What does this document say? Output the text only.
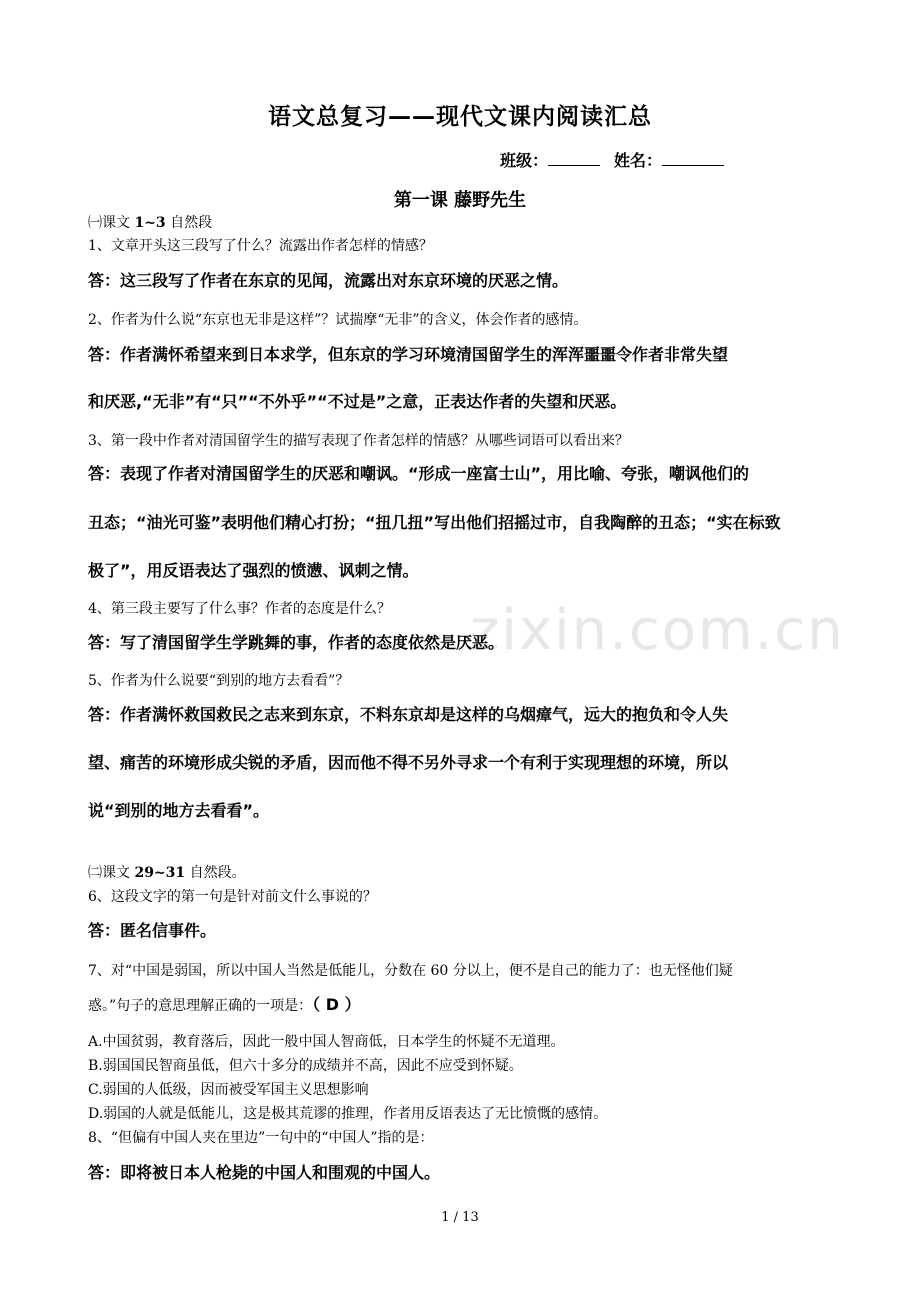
zixin.com.cn
语文总复习——现代文课内阅读汇总
班级：	姓名：
第一课 藤野先生
㈠课文 1~3 自然段
1、文章开头这三段写了什么？流露出作者怎样的情感？
答：这三段写了作者在东京的见闻，流露出对东京环境的厌恶之情。
2、作者为什么说“东京也无非是这样”？试揣摩“无非”的含义，体会作者的感情。
答：作者满怀希望来到日本求学，但东京的学习环境清国留学生的浑浑噩噩令作者非常失望
和厌恶,“无非”有“只”“不外乎”“不过是”之意，正表达作者的失望和厌恶。
3、第一段中作者对清国留学生的描写表现了作者怎样的情感？从哪些词语可以看出来？
答：表现了作者对清国留学生的厌恶和嘲讽。“形成一座富士山”，用比喻、夸张，嘲讽他们的
丑态；“油光可鉴”表明他们精心打扮；“扭几扭”写出他们招摇过市，自我陶醉的丑态；“实在标致
极了”，用反语表达了强烈的愤懑、讽刺之情。
4、第三段主要写了什么事？作者的态度是什么？
答：写了清国留学生学跳舞的事，作者的态度依然是厌恶。
5、作者为什么说要“到别的地方去看看”？
答：作者满怀救国救民之志来到东京，不料东京却是这样的乌烟瘴气，远大的抱负和令人失
望、痛苦的环境形成尖锐的矛盾，因而他不得不另外寻求一个有利于实现理想的环境，所以
说“到别的地方去看看”。
㈡课文 29~31 自然段。
6、这段文字的第一句是针对前文什么事说的？
答：匿名信事件。
7、对“中国是弱国，所以中国人当然是低能儿，分数在 60 分以上，便不是自己的能力了：也无怪他们疑
惑。”句子的意思理解正确的一项是：（ D ）
A.中国贫弱，教育落后，因此一般中国人智商低，日本学生的怀疑不无道理。
B.弱国国民智商虽低，但六十多分的成绩并不高，因此不应受到怀疑。
C.弱国的人低级，因而被受军国主义思想影响
D.弱国的人就是低能儿，这是极其荒谬的推理，作者用反语表达了无比愤慨的感情。
8、“但偏有中国人夹在里边”一句中的“中国人”指的是：
答：即将被日本人枪毙的中国人和围观的中国人。
1 / 13
